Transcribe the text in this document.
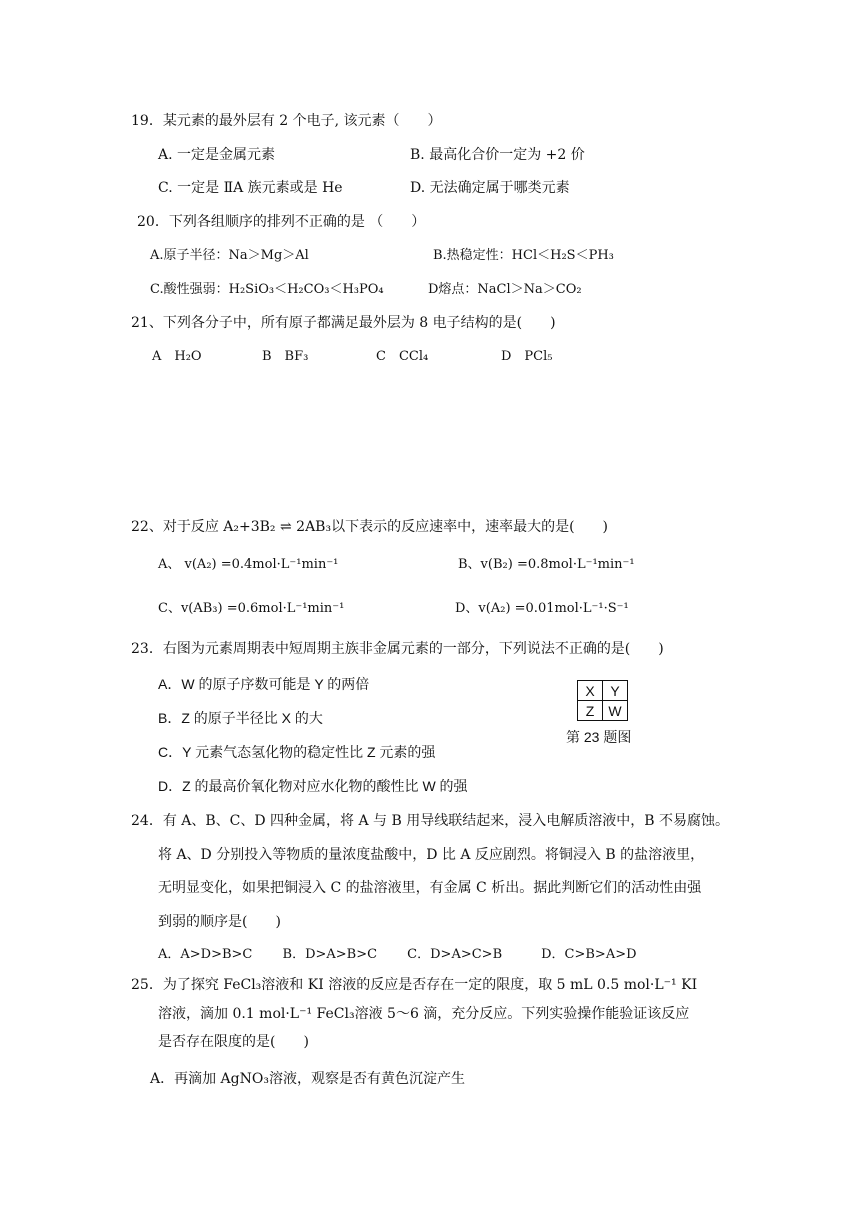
19．某元素的最外层有 2 个电子, 该元素（　　）
A. 一定是金属元素	B. 最高化合价一定为 +2 价
C. 一定是 ⅡA 族元素或是 He	D. 无法确定属于哪类元素
20．下列各组顺序的排列不正确的是 （　　）
A.原子半径：Na＞Mg＞Al	B.热稳定性：HCl＜H₂S＜PH₃
C.酸性强弱：H₂SiO₃＜H₂CO₃＜H₃PO₄	D熔点：NaCl＞Na＞CO₂
21、下列各分子中，所有原子都满足最外层为 8 电子结构的是(　　)
A　H₂O	B　BF₃	C　CCl₄	D　PCl₅
22、对于反应 A₂+3B₂ ⇌ 2AB₃以下表示的反应速率中，速率最大的是(　　)
A、 v(A₂) =0.4mol·L⁻¹min⁻¹	B、v(B₂) =0.8mol·L⁻¹min⁻¹
C、v(AB₃) =0.6mol·L⁻¹min⁻¹	D、v(A₂) =0.01mol·L⁻¹·S⁻¹
23．右图为元素周期表中短周期主族非金属元素的一部分，下列说法不正确的是(　　)
A．W 的原子序数可能是 Y 的两倍
B．Z 的原子半径比 X 的大
C．Y 元素气态氢化物的稳定性比 Z 元素的强
D．Z 的最高价氧化物对应水化物的酸性比 W 的强
X	Y
Z	W
第 23 题图
24．有 A、B、C、D 四种金属，将 A 与 B 用导线联结起来，浸入电解质溶液中，B 不易腐蚀。
将 A、D 分别投入等物质的量浓度盐酸中，D 比 A 反应剧烈。将铜浸入 B 的盐溶液里，
无明显变化，如果把铜浸入 C 的盐溶液里，有金属 C 析出。据此判断它们的活动性由强
到弱的顺序是(　　)
A．A>D>B>C　　 B．D>A>B>C　　 C．D>A>C>B　　　D．C>B>A>D
25．为了探究 FeCl₃溶液和 KI 溶液的反应是否存在一定的限度，取 5 mL 0.5 mol·L⁻¹ KI
溶液，滴加 0.1 mol·L⁻¹ FeCl₃溶液 5～6 滴，充分反应。下列实验操作能验证该反应
是否存在限度的是(　　)
A．再滴加 AgNO₃溶液，观察是否有黄色沉淀产生
